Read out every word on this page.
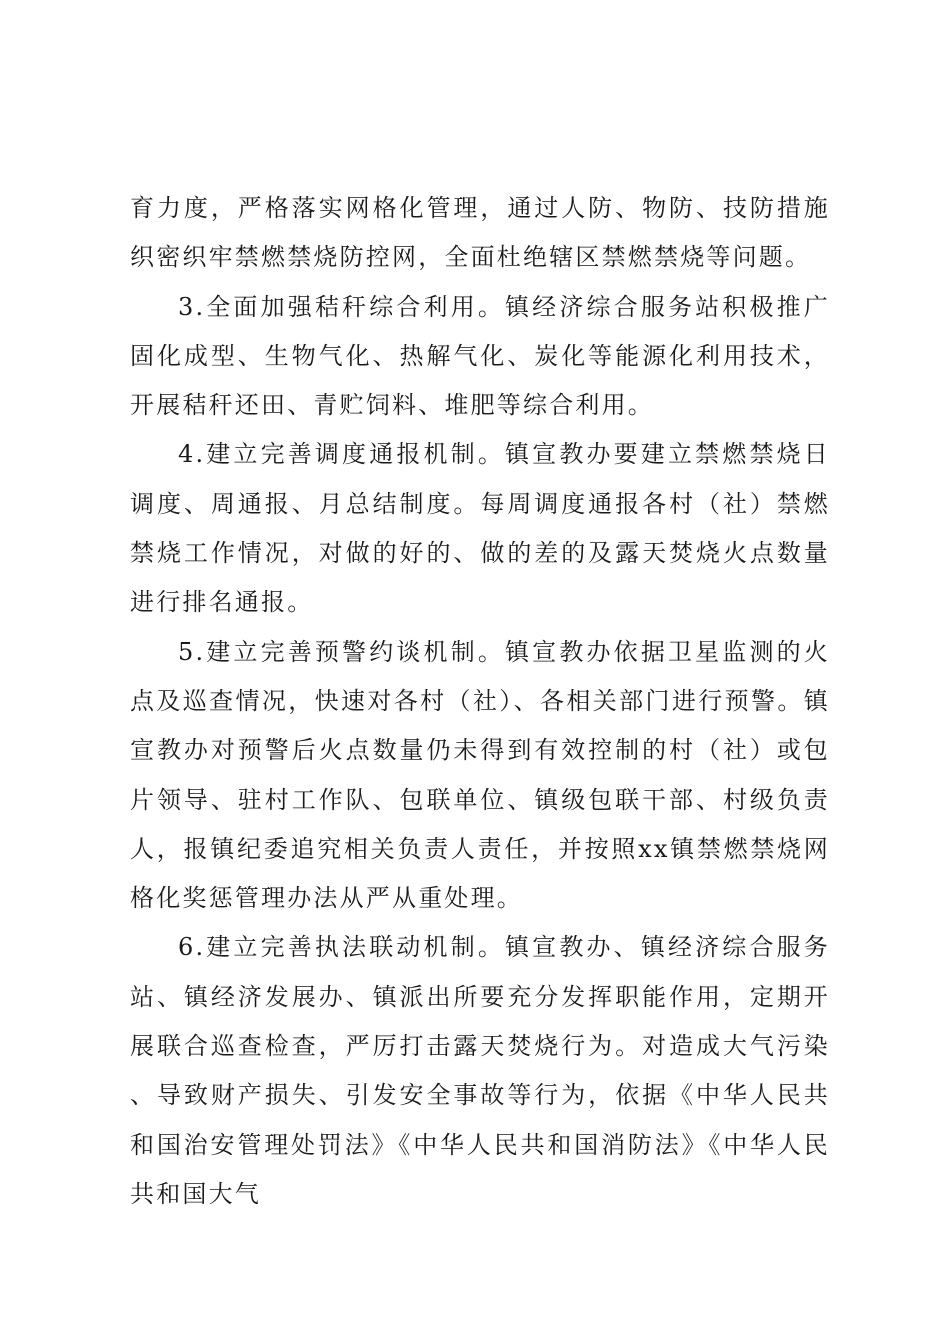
育力度，严格落实网格化管理，通过人防、物防、技防措施织密织牢禁燃禁烧防控网，全面杜绝辖区禁燃禁烧等问题。

3.全面加强秸秆综合利用。镇经济综合服务站积极推广固化成型、生物气化、热解气化、炭化等能源化利用技术，开展秸秆还田、青贮饲料、堆肥等综合利用。

4.建立完善调度通报机制。镇宣教办要建立禁燃禁烧日调度、周通报、月总结制度。每周调度通报各村（社）禁燃禁烧工作情况，对做的好的、做的差的及露天焚烧火点数量进行排名通报。

5.建立完善预警约谈机制。镇宣教办依据卫星监测的火点及巡查情况，快速对各村（社）、各相关部门进行预警。镇宣教办对预警后火点数量仍未得到有效控制的村（社）或包片领导、驻村工作队、包联单位、镇级包联干部、村级负责人，报镇纪委追究相关负责人责任，并按照xx镇禁燃禁烧网格化奖惩管理办法从严从重处理。

6.建立完善执法联动机制。镇宣教办、镇经济综合服务站、镇经济发展办、镇派出所要充分发挥职能作用，定期开展联合巡查检查，严厉打击露天焚烧行为。对造成大气污染、导致财产损失、引发安全事故等行为，依据《中华人民共和国治安管理处罚法》《中华人民共和国消防法》《中华人民共和国大气
